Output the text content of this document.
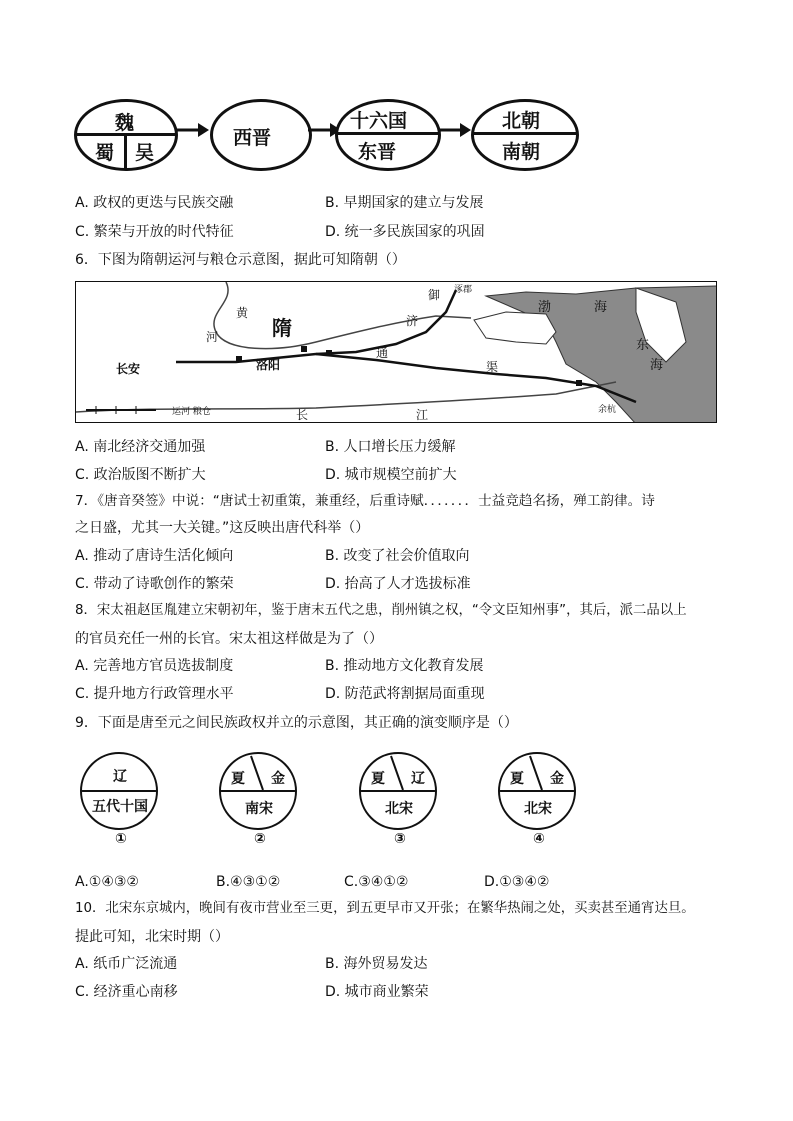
魏
蜀 吴
西晋
十六国
东晋
北朝
南朝
A. 政权的更迭与民族交融	B. 早期国家的建立与发展
C. 繁荣与开放的时代特征	D. 统一多民族国家的巩固
6．下图为隋朝运河与粮仓示意图，据此可知隋朝（）
隋
黄
河
渤	海
东
海
长安	洛阳
御
济
通
渠
长	江
涿郡
余杭
运河 粮仓
A. 南北经济交通加强	B. 人口增长压力缓解
C. 政治版图不断扩大	D. 城市规模空前扩大
7．《唐音癸签》中说：“唐试士初重策，兼重经，后重诗赋．．．．．．．士益竞趋名扬，殚工韵律。诗
之日盛，尤其一大关键。”这反映出唐代科举（）
A. 推动了唐诗生活化倾向	B. 改变了社会价值取向
C. 带动了诗歌创作的繁荣	D. 抬高了人才选拔标准
8．宋太祖赵匡胤建立宋朝初年，鉴于唐末五代之患，削州镇之权，“令文臣知州事”，其后，派二品以上
的官员充任一州的长官。宋太祖这样做是为了（）
A. 完善地方官员选拔制度	B. 推动地方文化教育发展
C. 提升地方行政管理水平	D. 防范武将割据局面重现
9．下面是唐至元之间民族政权并立的示意图，其正确的演变顺序是（）
辽
五代十国
①
夏 金
南宋
②
夏 辽
北宋
③
夏 金
北宋
④
A.①④③②	B.④③①②	C.③④①②	D.①③④②
10．北宋东京城内，晚间有夜市营业至三更，到五更早市又开张；在繁华热闹之处，买卖甚至通宵达旦。
提此可知，北宋时期（）
A. 纸币广泛流通	B. 海外贸易发达
C. 经济重心南移	D. 城市商业繁荣
